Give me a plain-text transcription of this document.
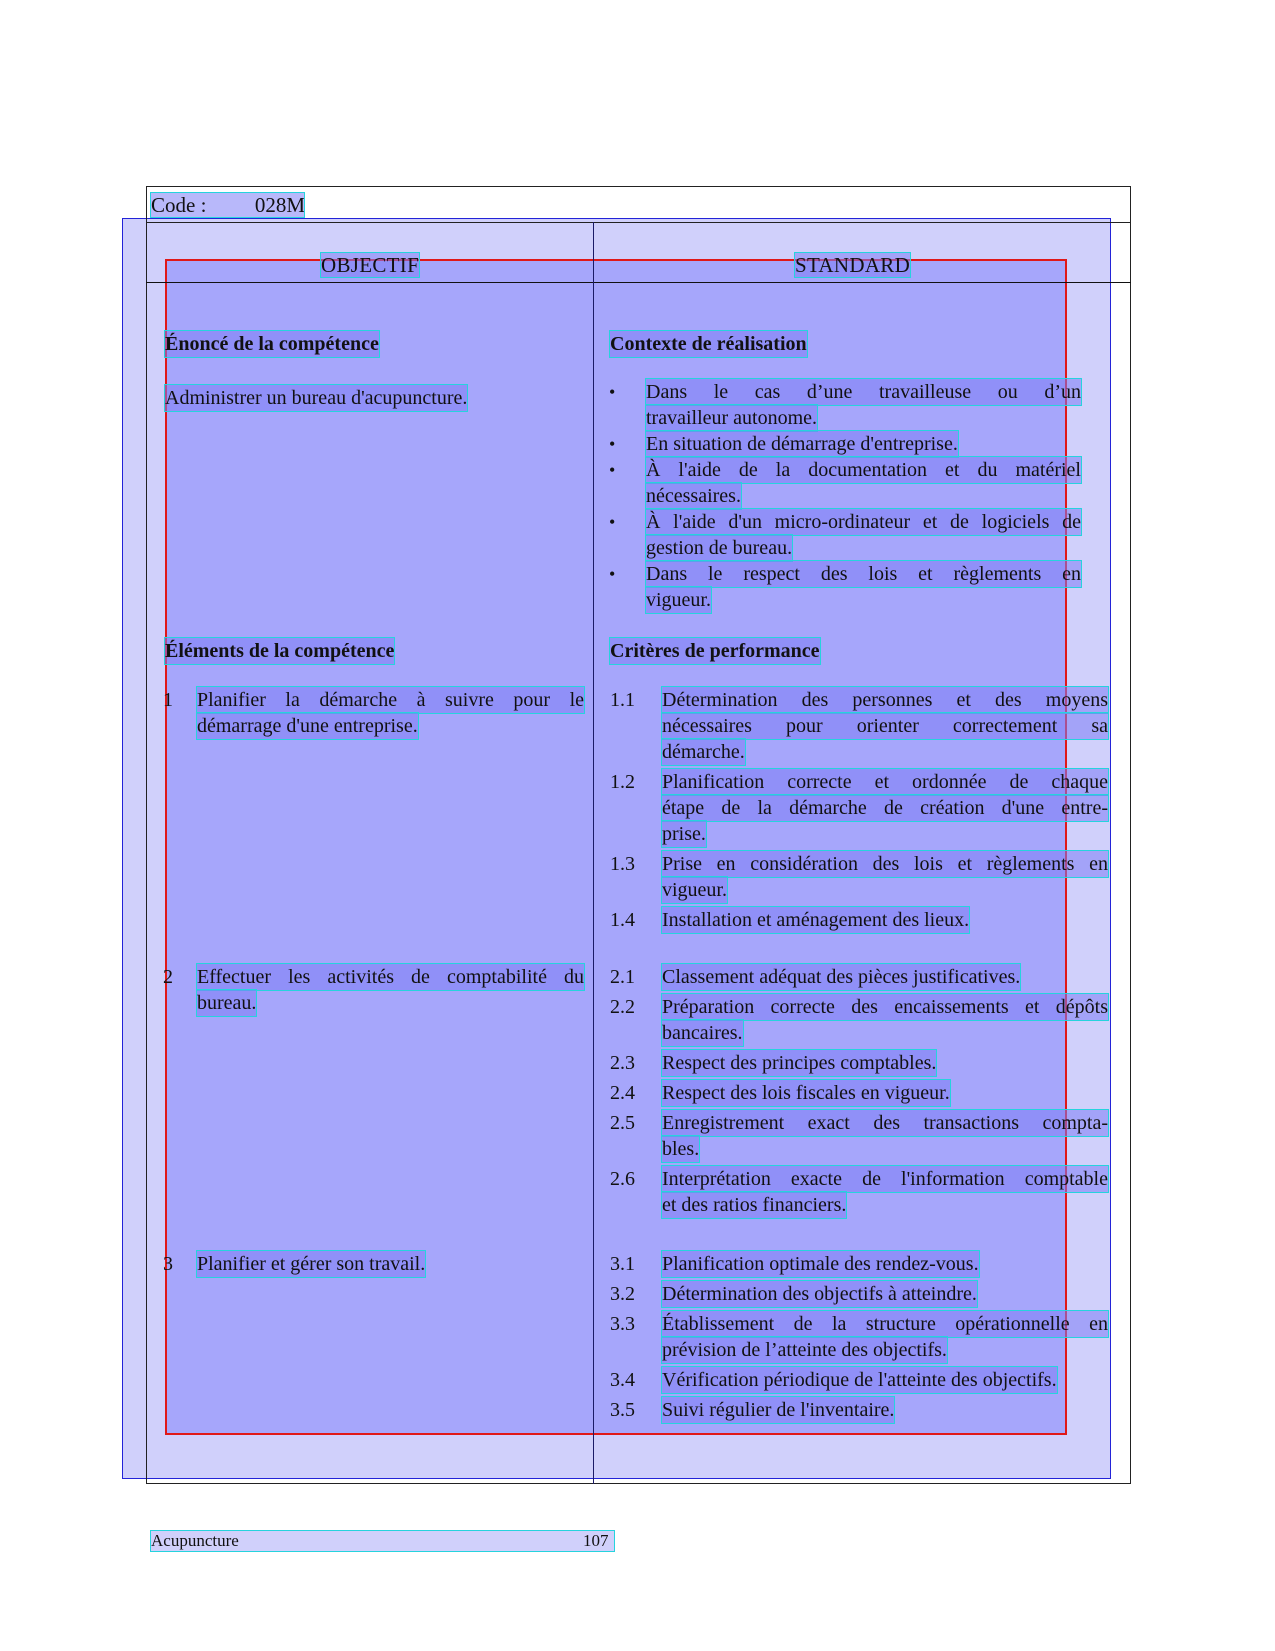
Code : 028M
OBJECTIF	STANDARD
Énoncé de la compétence
Administrer un bureau d'acupuncture.
Contexte de réalisation
• Dans le cas d’une travailleuse ou d’un
travailleur autonome.
• En situation de démarrage d'entreprise.
• À l'aide de la documentation et du matériel
nécessaires.
• À l'aide d'un micro-ordinateur et de logiciels de
gestion de bureau.
• Dans le respect des lois et règlements en
vigueur.
Éléments de la compétence
1 Planifier la démarche à suivre pour le
démarrage d'une entreprise.
2 Effectuer les activités de comptabilité du
bureau.
3 Planifier et gérer son travail.
Critères de performance
1.1 Détermination des personnes et des moyens
nécessaires pour orienter correctement sa
démarche.
1.2 Planification correcte et ordonnée de chaque
étape de la démarche de création d'une entre-
prise.
1.3 Prise en considération des lois et règlements en
vigueur.
1.4 Installation et aménagement des lieux.
2.1 Classement adéquat des pièces justificatives.
2.2 Préparation correcte des encaissements et dépôts
bancaires.
2.3 Respect des principes comptables.
2.4 Respect des lois fiscales en vigueur.
2.5 Enregistrement exact des transactions compta-
bles.
2.6 Interprétation exacte de l'information comptable
et des ratios financiers.
3.1 Planification optimale des rendez-vous.
3.2 Détermination des objectifs à atteindre.
3.3 Établissement de la structure opérationnelle en
prévision de l’atteinte des objectifs.
3.4 Vérification périodique de l'atteinte des objectifs.
3.5 Suivi régulier de l'inventaire.
Acupuncture	107
